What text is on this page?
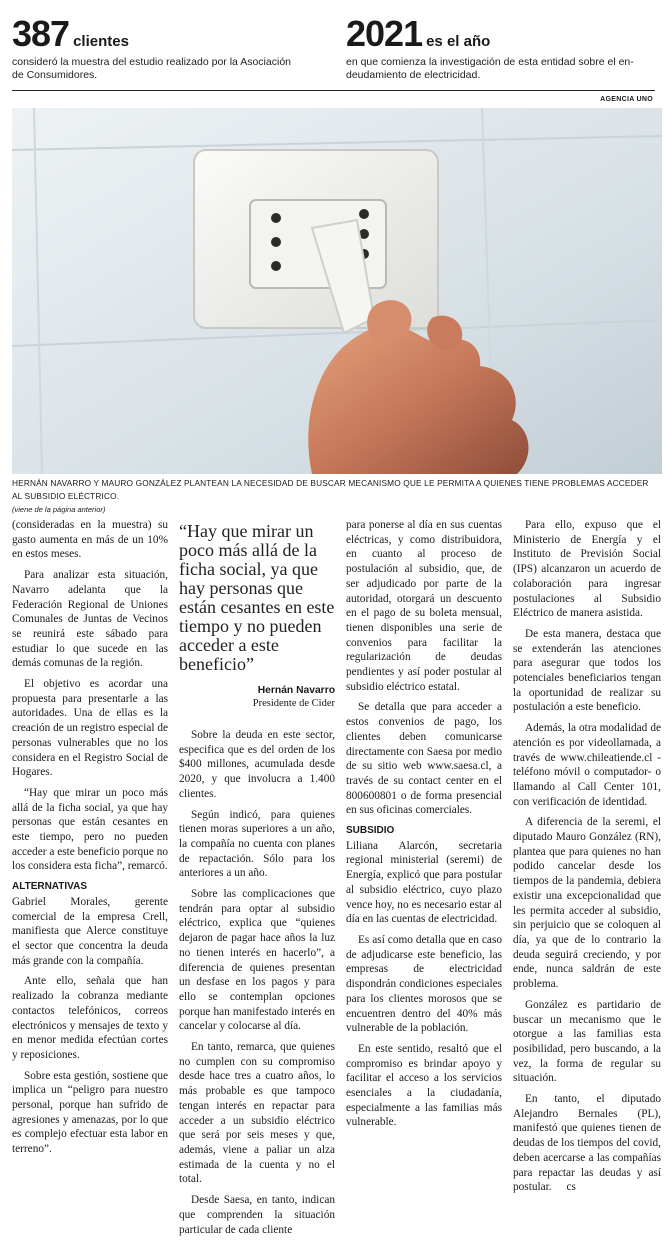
387 clientes
consideró la muestra del estudio realizado por la Asociación
de Consumidores.
2021 es el año
en que comienza la investigación de esta entidad sobre el en-
deudamiento de electricidad.
AGENCIA UNO
HERNÁN NAVARRO Y MAURO GONZÁLEZ PLANTEAN LA NECESIDAD DE BUSCAR MECANISMO QUE LE PERMITA A QUIENES TIENE PROBLEMAS ACCEDER AL SUBSIDIO ELÉCTRICO.
(viene de la página anterior)

(consideradas en la muestra) su gasto aumenta en más de un 10% en estos meses.

Para analizar esta situación, Navarro adelanta que la Federación Regional de Uniones Comunales de Juntas de Vecinos se reunirá este sábado para estudiar lo que sucede en las demás comunas de la región.

El objetivo es acordar una propuesta para presentarle a las autoridades. Una de ellas es la creación de un registro especial de personas vulnerables que no los considera en el Registro Social de Hogares.

“Hay que mirar un poco más allá de la ficha social, ya que hay personas que están cesantes en este tiempo, pero no pueden acceder a este beneficio porque no los considera esta ficha”, remarcó.

ALTERNATIVAS

Gabriel Morales, gerente comercial de la empresa Crell, manifiesta que Alerce constituye el sector que concentra la deuda más grande con la compañía.

Ante ello, señala que han realizado la cobranza mediante contactos telefónicos, correos electrónicos y mensajes de texto y en menor medida efectúan cortes y reposiciones.

Sobre esta gestión, sostiene que implica un “peligro para nuestro personal, porque han sufrido de agresiones y amenazas, por lo que es complejo efectuar esta labor en terreno”.

“Hay que mirar un poco más allá de la ficha social, ya que hay personas que están cesantes en este tiempo y no pueden acceder a este beneficio”
Hernán Navarro
Presidente de Cider

Sobre la deuda en este sector, especifica que es del orden de los $400 millones, acumulada desde 2020, y que involucra a 1.400 clientes.

Según indicó, para quienes tienen moras superiores a un año, la compañía no cuenta con planes de repactación. Sólo para los anteriores a un año.

Sobre las complicaciones que tendrán para optar al subsidio eléctrico, explica que “quienes dejaron de pagar hace años la luz no tienen interés en hacerlo”, a diferencia de quienes presentan un desfase en los pagos y para ello se contemplan opciones porque han manifestado interés en cancelar y colocarse al día.

En tanto, remarca, que quienes no cumplen con su compromiso desde hace tres a cuatro años, lo más probable es que tampoco tengan interés en repactar para acceder a un subsidio eléctrico que será por seis meses y que, además, viene a paliar un alza estimada de la cuenta y no el total.

Desde Saesa, en tanto, indican que comprenden la situación particular de cada cliente

para ponerse al día en sus cuentas eléctricas, y como distribuidora, en cuanto al proceso de postulación al subsidio, que, de ser adjudicado por parte de la autoridad, otorgará un descuento en el pago de su boleta mensual, tienen disponibles una serie de convenios para facilitar la regularización de deudas pendientes y así poder postular al subsidio eléctrico estatal.

Se detalla que para acceder a estos convenios de pago, los clientes deben comunicarse directamente con Saesa por medio de su sitio web www.saesa.cl, a través de su contact center en el 800600801 o de forma presencial en sus oficinas comerciales.

SUBSIDIO

Liliana Alarcón, secretaria regional ministerial (seremi) de Energía, explicó que para postular al subsidio eléctrico, cuyo plazo vence hoy, no es necesario estar al día en las cuentas de electricidad.

Es así como detalla que en caso de adjudicarse este beneficio, las empresas de electricidad dispondrán condiciones especiales para los clientes morosos que se encuentren dentro del 40% más vulnerable de la población.

En este sentido, resaltó que el compromiso es brindar apoyo y facilitar el acceso a los servicios esenciales a la ciudadanía, especialmente a las familias más vulnerable.

Para ello, expuso que el Ministerio de Energía y el Instituto de Previsión Social (IPS) alcanzaron un acuerdo de colaboración para ingresar postulaciones al Subsidio Eléctrico de manera asistida.

De esta manera, destaca que se extenderán las atenciones para asegurar que todos los potenciales beneficiarios tengan la oportunidad de realizar su postulación a este beneficio.

Además, la otra modalidad de atención es por videollamada, a través de www.chileatiende.cl -teléfono móvil o computador- o llamando al Call Center 101, con verificación de identidad.

A diferencia de la seremi, el diputado Mauro González (RN), plantea que para quienes no han podido cancelar desde los tiempos de la pandemia, debiera existir una excepcionalidad que les permita acceder al subsidio, sin perjuicio que se coloquen al día, ya que de lo contrario la deuda seguirá creciendo, y por ende, nunca saldrán de este problema.

González es partidario de buscar un mecanismo que le otorgue a las familias esta posibilidad, pero buscando, a la vez, la forma de regular su situación.

En tanto, el diputado Alejandro Bernales (PL), manifestó que quienes tienen de deudas de los tiempos del covid, deben acercarse a las compañías para repactar las deudas y así postular. cs
